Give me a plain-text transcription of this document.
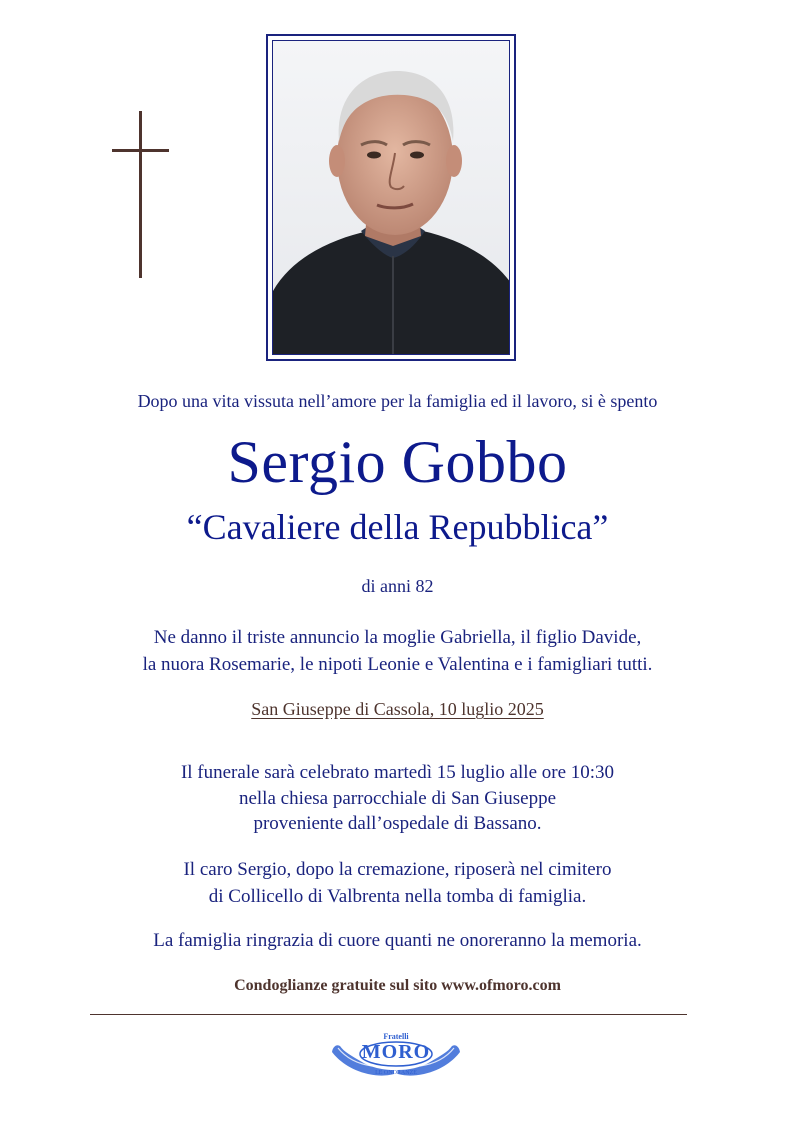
Dopo una vita vissuta nell’amore per la famiglia ed il lavoro, si è spento
Sergio Gobbo
“Cavaliere della Repubblica”
di anni 82
Ne danno il triste annuncio la moglie Gabriella, il figlio Davide,
la nuora Rosemarie, le nipoti Leonie e Valentina e i famigliari tutti.
San Giuseppe di Cassola, 10 luglio 2025
Il funerale sarà celebrato martedì 15 luglio alle ore 10:30
nella chiesa parrocchiale di San Giuseppe
proveniente dall’ospedale di Bassano.
Il caro Sergio, dopo la cremazione, riposerà nel cimitero
di Collicello di Valbrenta nella tomba di famiglia.
La famiglia ringrazia di cuore quanti ne onoreranno la memoria.
Condoglianze gratuite sul sito www.ofmoro.com
Fratelli
MORO
LE ONORANZE
